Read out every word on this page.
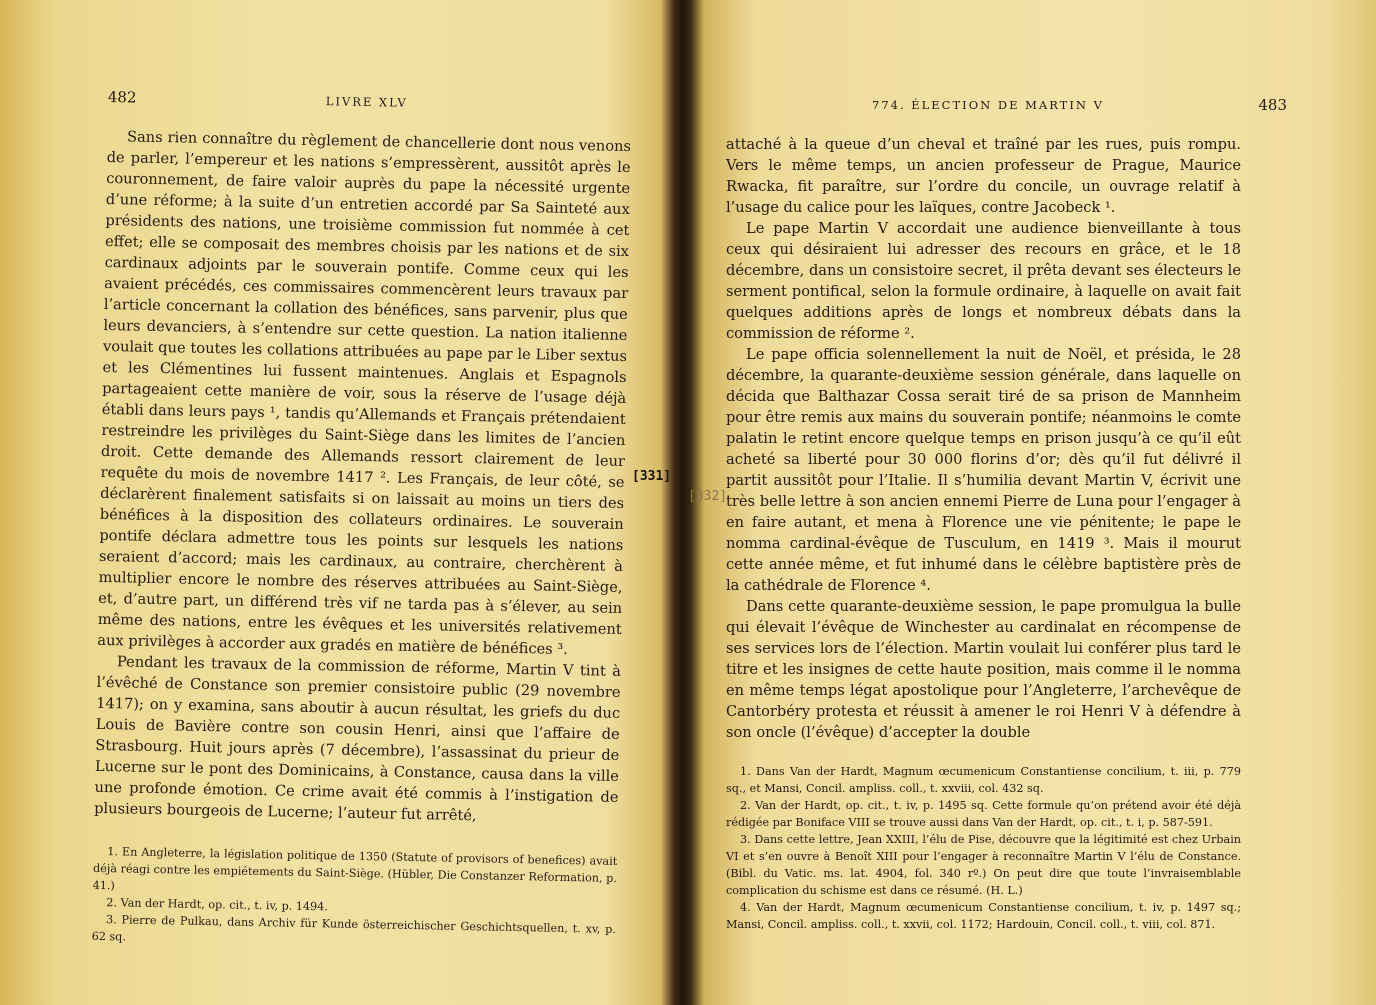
482	LIVRE XLV

Sans rien connaître du règlement de chancellerie dont nous venons de parler, l’empereur et les nations s’empressèrent, aussitôt après le couronnement, de faire valoir auprès du pape la nécessité urgente d’une réforme; à la suite d’un entretien accordé par Sa Sainteté aux présidents des nations, une troisième commission fut nommée à cet effet; elle se composait des membres choisis par les nations et de six cardinaux adjoints par le souverain pontife. Comme ceux qui les avaient précédés, ces commissaires commencèrent leurs travaux par l’article concernant la collation des bénéfices, sans parvenir, plus que leurs devanciers, à s’entendre sur cette question. La nation italienne voulait que toutes les collations attribuées au pape par le Liber sextus et les Clémentines lui fussent maintenues. Anglais et Espagnols partageaient cette manière de voir, sous la réserve de l’usage déjà établi dans leurs pays ¹, tandis qu’Allemands et Français prétendaient restreindre les privilèges du Saint-Siège dans les limites de l’ancien droit. Cette demande des Allemands ressort clairement de leur requête du mois de novembre 1417 ². Les Français, de leur côté, se déclarèrent finalement satisfaits si on laissait au moins un tiers des bénéfices à la disposition des collateurs ordinaires. Le souverain pontife déclara admettre tous les points sur lesquels les nations seraient d’accord; mais les cardinaux, au contraire, cherchèrent à multiplier encore le nombre des réserves attribuées au Saint-Siège, et, d’autre part, un différend très vif ne tarda pas à s’élever, au sein même des nations, entre les évêques et les universités relativement aux privilèges à accorder aux gradés en matière de bénéfices ³.

Pendant les travaux de la commission de réforme, Martin V tint à l’évêché de Constance son premier consistoire public (29 novembre 1417); on y examina, sans aboutir à aucun résultat, les griefs du duc Louis de Bavière contre son cousin Henri, ainsi que l’affaire de Strasbourg. Huit jours après (7 décembre), l’assassinat du prieur de Lucerne sur le pont des Dominicains, à Constance, causa dans la ville une profonde émotion. Ce crime avait été commis à l’instigation de plusieurs bourgeois de Lucerne; l’auteur fut arrêté,

1. En Angleterre, la législation politique de 1350 (Statute of provisors of benefices) avait déjà réagi contre les empiétements du Saint-Siège. (Hübler, Die Constanzer Reformation, p. 41.)

2. Van der Hardt, op. cit., t. iv, p. 1494.

3. Pierre de Pulkau, dans Archiv für Kunde österreichischer Geschichtsquellen, t. xv, p. 62 sq.

[331]
[332]
774. ÉLECTION DE MARTIN V	483

attaché à la queue d’un cheval et traîné par les rues, puis rompu. Vers le même temps, un ancien professeur de Prague, Maurice Rwacka, fit paraître, sur l’ordre du concile, un ouvrage relatif à l’usage du calice pour les laïques, contre Jacobeck ¹.

Le pape Martin V accordait une audience bienveillante à tous ceux qui désiraient lui adresser des recours en grâce, et le 18 décembre, dans un consistoire secret, il prêta devant ses électeurs le serment pontifical, selon la formule ordinaire, à laquelle on avait fait quelques additions après de longs et nombreux débats dans la commission de réforme ².

Le pape officia solennellement la nuit de Noël, et présida, le 28 décembre, la quarante-deuxième session générale, dans laquelle on décida que Balthazar Cossa serait tiré de sa prison de Mannheim pour être remis aux mains du souverain pontife; néanmoins le comte palatin le retint encore quelque temps en prison jusqu’à ce qu’il eût acheté sa liberté pour 30 000 florins d’or; dès qu’il fut délivré il partit aussitôt pour l’Italie. Il s’humilia devant Martin V, écrivit une très belle lettre à son ancien ennemi Pierre de Luna pour l’engager à en faire autant, et mena à Florence une vie pénitente; le pape le nomma cardinal-évêque de Tusculum, en 1419 ³. Mais il mourut cette année même, et fut inhumé dans le célèbre baptistère près de la cathédrale de Florence ⁴.

Dans cette quarante-deuxième session, le pape promulgua la bulle qui élevait l’évêque de Winchester au cardinalat en récompense de ses services lors de l’élection. Martin voulait lui conférer plus tard le titre et les insignes de cette haute position, mais comme il le nomma en même temps légat apostolique pour l’Angleterre, l’archevêque de Cantorbéry protesta et réussit à amener le roi Henri V à défendre à son oncle (l’évêque) d’accepter la double

1. Dans Van der Hardt, Magnum œcumenicum Constantiense concilium, t. iii, p. 779 sq., et Mansi, Concil. ampliss. coll., t. xxviii, col. 432 sq.

2. Van der Hardt, op. cit., t. iv, p. 1495 sq. Cette formule qu’on prétend avoir été déjà rédigée par Boniface VIII se trouve aussi dans Van der Hardt, op. cit., t. i, p. 587-591.

3. Dans cette lettre, Jean XXIII, l’élu de Pise, découvre que la légitimité est chez Urbain VI et s’en ouvre à Benoît XIII pour l’engager à reconnaître Martin V l’élu de Constance. (Bibl. du Vatic. ms. lat. 4904, fol. 340 rº.) On peut dire que toute l’invraisemblable complication du schisme est dans ce résumé. (H. L.)

4. Van der Hardt, Magnum œcumenicum Constantiense concilium, t. iv, p. 1497 sq.; Mansi, Concil. ampliss. coll., t. xxvii, col. 1172; Hardouin, Concil. coll., t. viii, col. 871.
